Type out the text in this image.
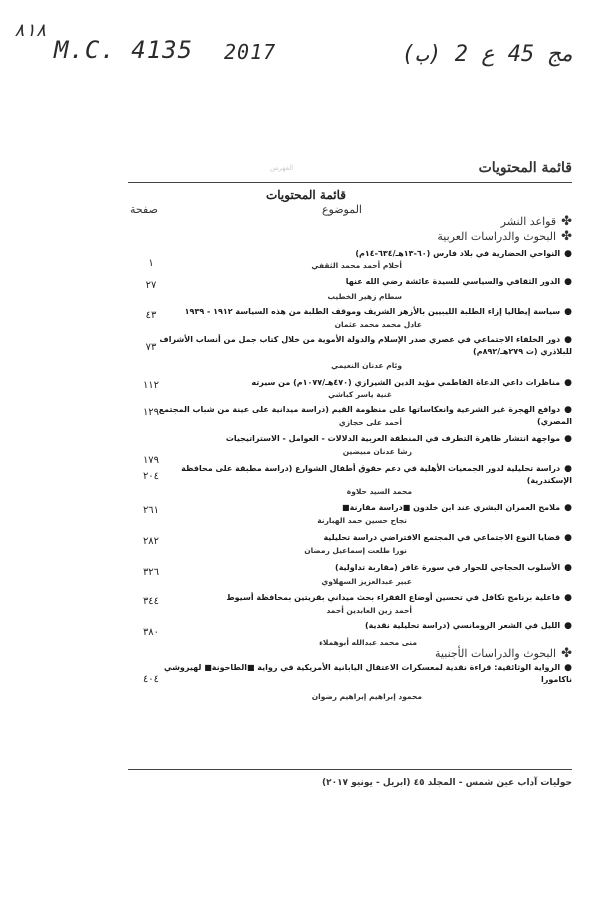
٨١٨
M.C. 4135 2017	مج 45 ع 2 (ب)
الفهرس	قائمة المحتويات
قائمة المحتويات
الموضوع
صفحة
✤قواعد النشر
✤البحوث والدراسات العربية
●النواحي الحضارية في بلاد فارس (٦٠-١٣هـ/٦٣٤-١٤م)
أحلام أحمد محمد الثقفي
١
●الدور الثقافي والسياسي للسيدة عائشة رضي الله عنها
سطام زهير الخطيب
٢٧
●سياسة إيطاليا إزاء الطلبة الليبيين بالأزهر الشريف وموقف الطلبة من هذه السياسة ١٩١٢ - ١٩٣٩
عادل محمد محمد عثمان
٤٣
●دور الخلفاء الاجتماعي في عصري صدر الإسلام والدولة الأموية من خلال كتاب جمل من أنساب الأشراف للبلاذري (ت ٢٧٩هـ/٨٩٢م)
وئام عدنان النعيمي
٧٣
●مناظرات داعي الدعاة الفاطمي مؤيد الدين الشيرازي (٤٧٠هـ/١٠٧٧م) من سيرته
غنية ياسر كباشي
١١٢
●دوافع الهجرة غير الشرعية وانعكاساتها على منظومة القيم (دراسة ميدانية على عينة من شباب المجتمع المصري)
أحمد على حجازي
١٢٩
●مواجهة انتشار ظاهرة التطرف في المنطقة العربية الدلالات - العوامل - الاستراتيجيات
رشا عدنان مبيضين
١٧٩
●دراسة تحليلية لدور الجمعيات الأهلية في دعم حقوق أطفال الشوارع (دراسة مطبقة على محافظة الإسكندرية)
محمد السيد حلاوة
٢٠٤
●ملامح العمران البشري عند ابن خلدون ■دراسة مقارنة■
نجاح حسين حمد الهبارنة
٢٦١
●قضايا النوع الاجتماعي في المجتمع الافتراضي دراسة تحليلية
نورا طلعت إسماعيل رمضان
٢٨٢
●الأسلوب الحجاجي للحوار في سورة غافر (مقاربة تداولية)
عبير عبدالعزيز السهلاوي
٣٢٦
●فاعلية برنامج تكافل في تحسين أوضاع الفقراء بحث ميداني بقريتين بمحافظة أسيوط
أحمد زين العابدين أحمد
٣٤٤
●الليل في الشعر الرومانسي (دراسة تحليلية نقدية)
منى محمد عبدالله أبوهملاء
٣٨٠
✤البحوث والدراسات الأجنبية
●الرواية الوثائقية: قراءة نقدية لمعسكرات الاعتقال اليابانية الأمريكية في رواية ■الطاحونة■ لهيروشي ناكامورا
محمود إبراهيم إبراهيم رضوان
٤٠٤
حوليات آداب عين شمس - المجلد ٤٥ (ابريل - يونيو ٢٠١٧)
